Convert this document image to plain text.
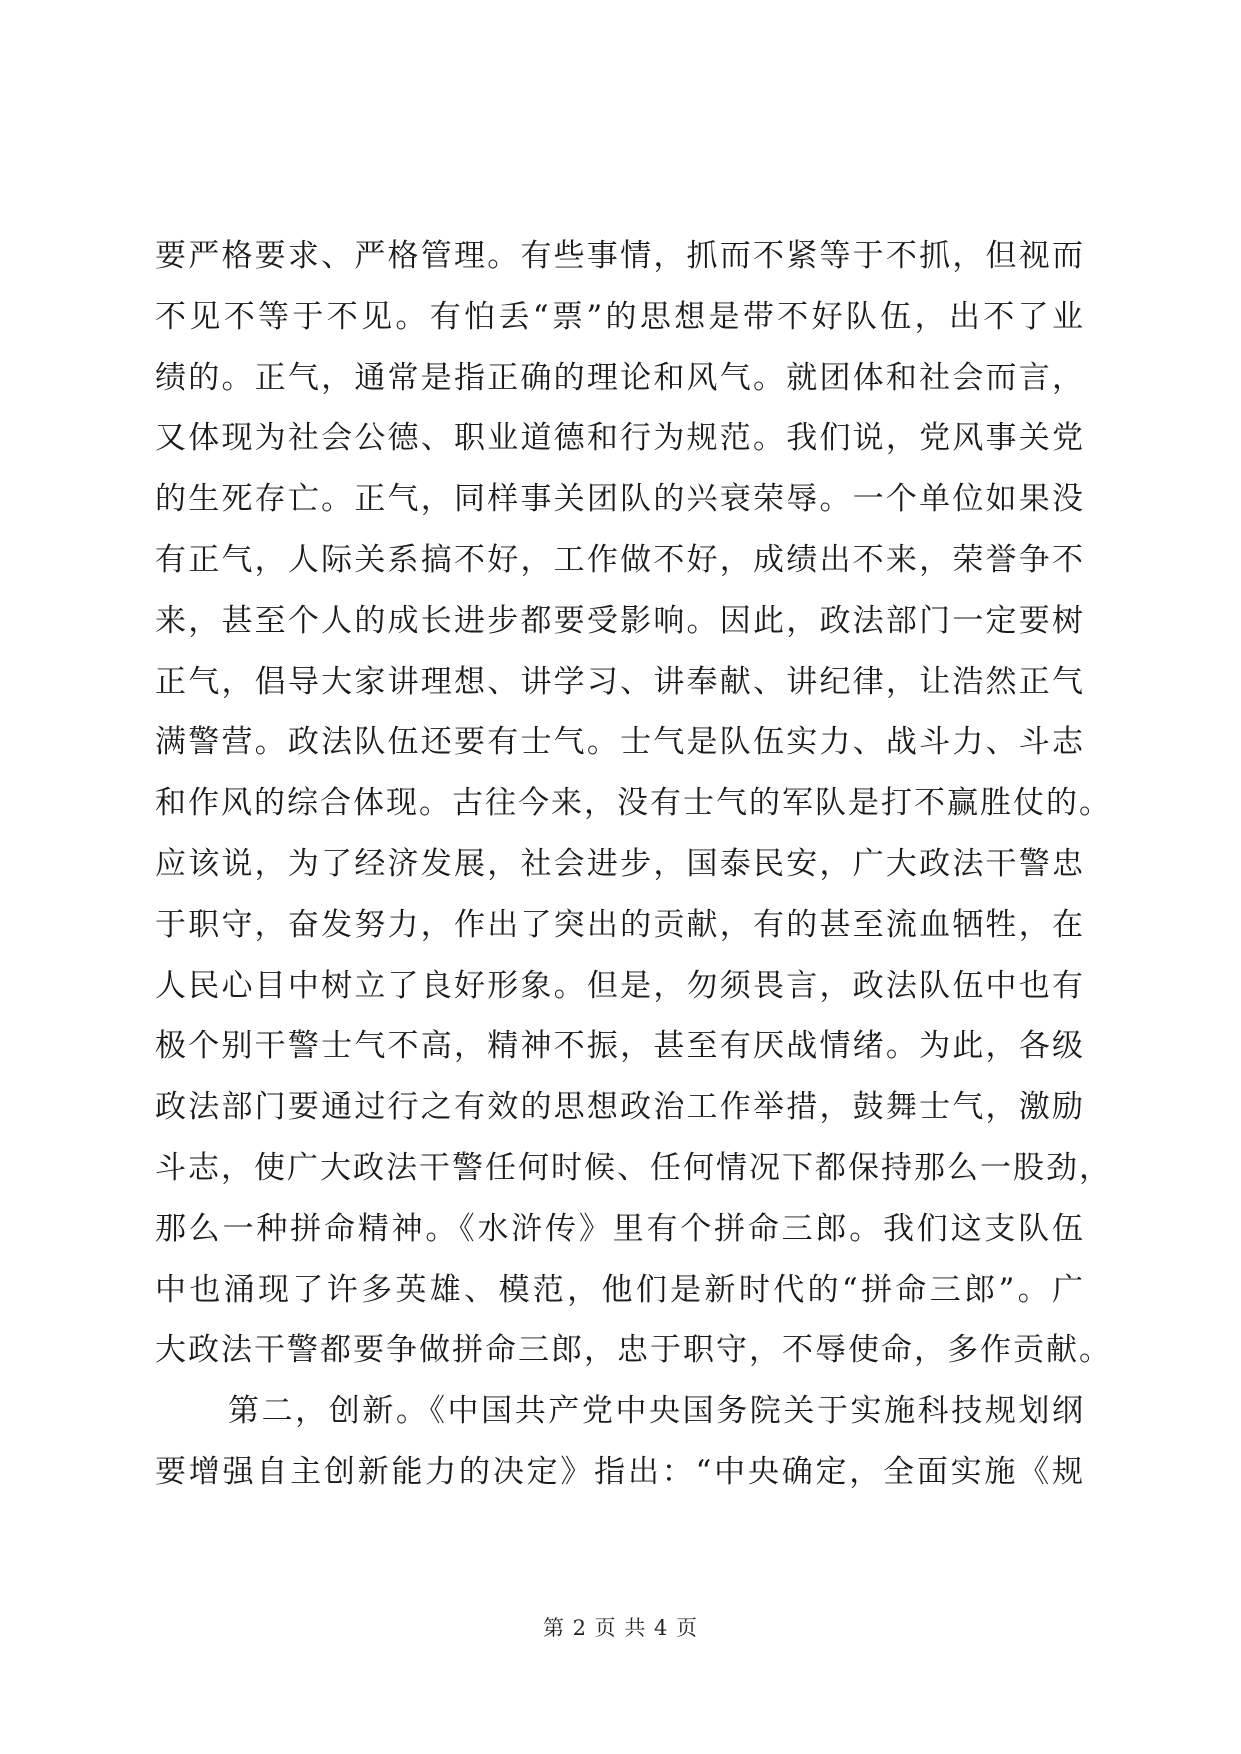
要严格要求、严格管理。有些事情，抓而不紧等于不抓，但视而
不见不等于不见。有怕丢“票”的思想是带不好队伍，出不了业
绩的。正气，通常是指正确的理论和风气。就团体和社会而言，
又体现为社会公德、职业道德和行为规范。我们说，党风事关党
的生死存亡。正气，同样事关团队的兴衰荣辱。一个单位如果没
有正气，人际关系搞不好，工作做不好，成绩出不来，荣誉争不
来，甚至个人的成长进步都要受影响。因此，政法部门一定要树
正气，倡导大家讲理想、讲学习、讲奉献、讲纪律，让浩然正气
满警营。政法队伍还要有士气。士气是队伍实力、战斗力、斗志
和作风的综合体现。古往今来，没有士气的军队是打不赢胜仗的。
应该说，为了经济发展，社会进步，国泰民安，广大政法干警忠
于职守，奋发努力，作出了突出的贡献，有的甚至流血牺牲，在
人民心目中树立了良好形象。但是，勿须畏言，政法队伍中也有
极个别干警士气不高，精神不振，甚至有厌战情绪。为此，各级
政法部门要通过行之有效的思想政治工作举措，鼓舞士气，激励
斗志，使广大政法干警任何时候、任何情况下都保持那么一股劲，
那么一种拼命精神。《水浒传》里有个拼命三郎。我们这支队伍
中也涌现了许多英雄、模范，他们是新时代的“拼命三郎”。广
大政法干警都要争做拼命三郎，忠于职守，不辱使命，多作贡献。
第二，创新。《中国共产党中央国务院关于实施科技规划纲
要增强自主创新能力的决定》指出：“中央确定，全面实施《规
第 2 页 共 4 页
